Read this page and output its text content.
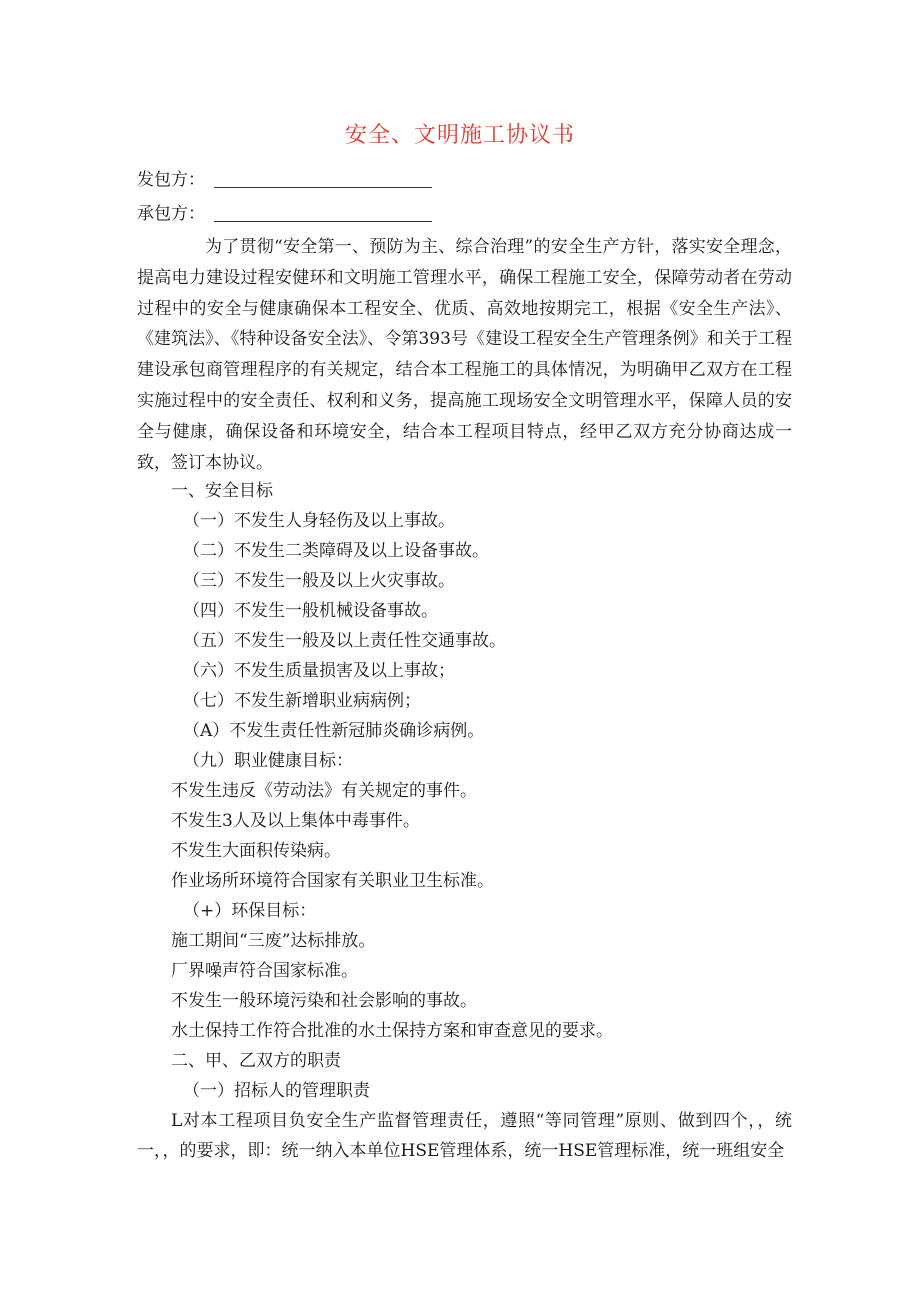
安全、文明施工协议书
发包方：
承包方：

为了贯彻“安全第一、预防为主、综合治理”的安全生产方针，落实安全理念，提高电力建设过程安健环和文明施工管理水平，确保工程施工安全，保障劳动者在劳动过程中的安全与健康确保本工程安全、优质、高效地按期完工，根据《安全生产法》、《建筑法》、《特种设备安全法》、令第393号《建设工程安全生产管理条例》和关于工程建设承包商管理程序的有关规定，结合本工程施工的具体情况，为明确甲乙双方在工程实施过程中的安全责任、权利和义务，提高施工现场安全文明管理水平，保障人员的安全与健康，确保设备和环境安全，结合本工程项目特点，经甲乙双方充分协商达成一致，签订本协议。

一、安全目标
（一）不发生人身轻伤及以上事故。
（二）不发生二类障碍及以上设备事故。
（三）不发生一般及以上火灾事故。
（四）不发生一般机械设备事故。
（五）不发生一般及以上责任性交通事故。
（六）不发生质量损害及以上事故；
（七）不发生新增职业病病例；
（A）不发生责任性新冠肺炎确诊病例。
（九）职业健康目标：
不发生违反《劳动法》有关规定的事件。
不发生3人及以上集体中毒事件。
不发生大面积传染病。
作业场所环境符合国家有关职业卫生标准。
（+）环保目标：
施工期间“三废”达标排放。
厂界噪声符合国家标准。
不发生一般环境污染和社会影响的事故。
水土保持工作符合批准的水土保持方案和审查意见的要求。
二、甲、乙双方的职责
（一）招标人的管理职责

L对本工程项目负安全生产监督管理责任，遵照“等同管理”原则、做到四个，，统一，，的要求，即：统一纳入本单位HSE管理体系，统一HSE管理标准，统一班组安全
